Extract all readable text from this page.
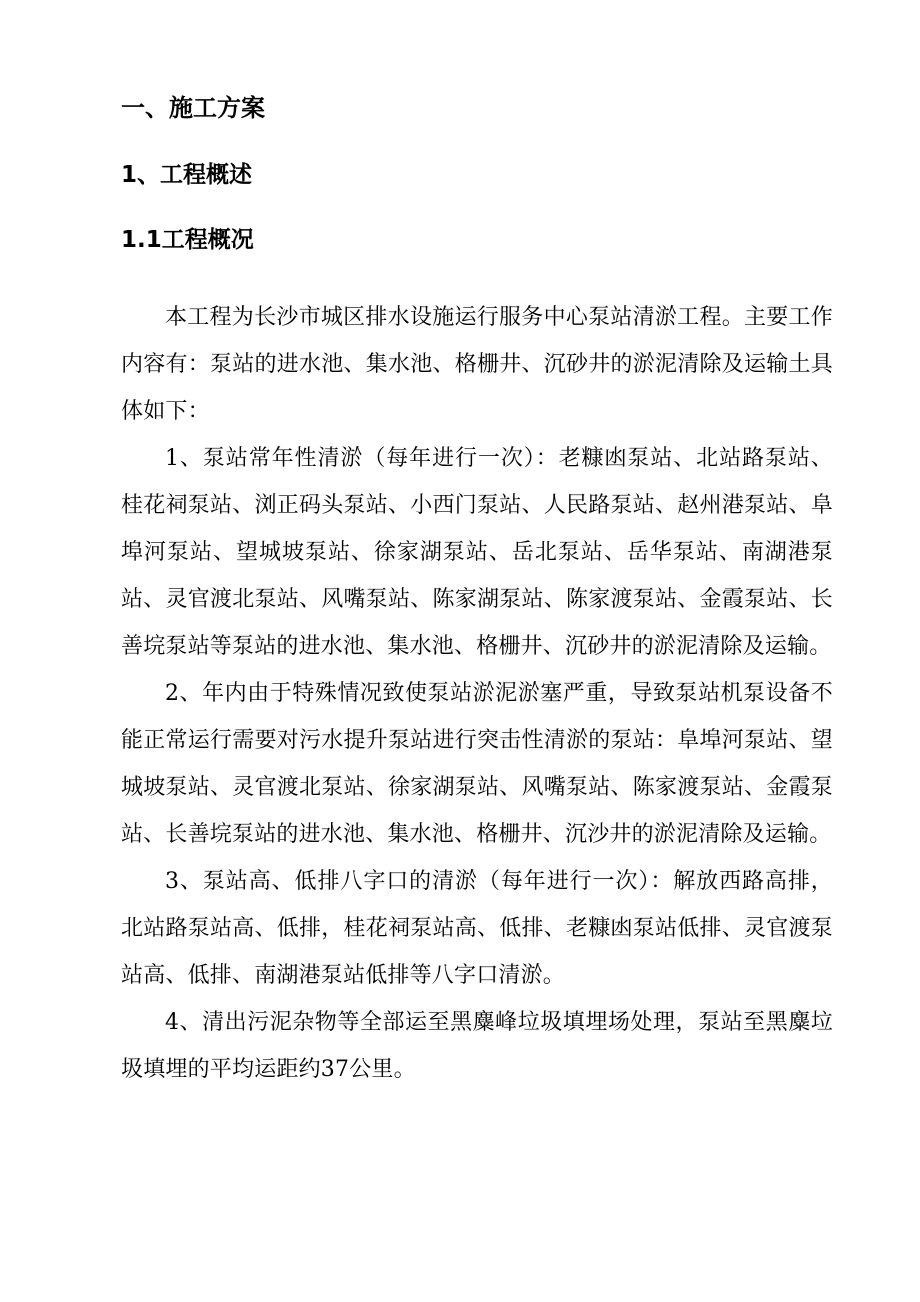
一、施工方案
1、工程概述
1.1工程概况

本工程为长沙市城区排水设施运行服务中心泵站清淤工程。主要工作内容有：泵站的进水池、集水池、格栅井、沉砂井的淤泥清除及运输土具体如下：

1、泵站常年性清淤（每年进行一次）：老糠凼泵站、北站路泵站、桂花祠泵站、浏正码头泵站、小西门泵站、人民路泵站、赵州港泵站、阜埠河泵站、望城坡泵站、徐家湖泵站、岳北泵站、岳华泵站、南湖港泵站、灵官渡北泵站、风嘴泵站、陈家湖泵站、陈家渡泵站、金霞泵站、长善垸泵站等泵站的进水池、集水池、格栅井、沉砂井的淤泥清除及运输。

2、年内由于特殊情况致使泵站淤泥淤塞严重，导致泵站机泵设备不能正常运行需要对污水提升泵站进行突击性清淤的泵站：阜埠河泵站、望城坡泵站、灵官渡北泵站、徐家湖泵站、风嘴泵站、陈家渡泵站、金霞泵站、长善垸泵站的进水池、集水池、格栅井、沉沙井的淤泥清除及运输。

3、泵站高、低排八字口的清淤（每年进行一次）：解放西路高排，北站路泵站高、低排，桂花祠泵站高、低排、老糠凼泵站低排、灵官渡泵站高、低排、南湖港泵站低排等八字口清淤。

4、清出污泥杂物等全部运至黑麋峰垃圾填埋场处理，泵站至黑麋垃圾填埋的平均运距约37公里。
